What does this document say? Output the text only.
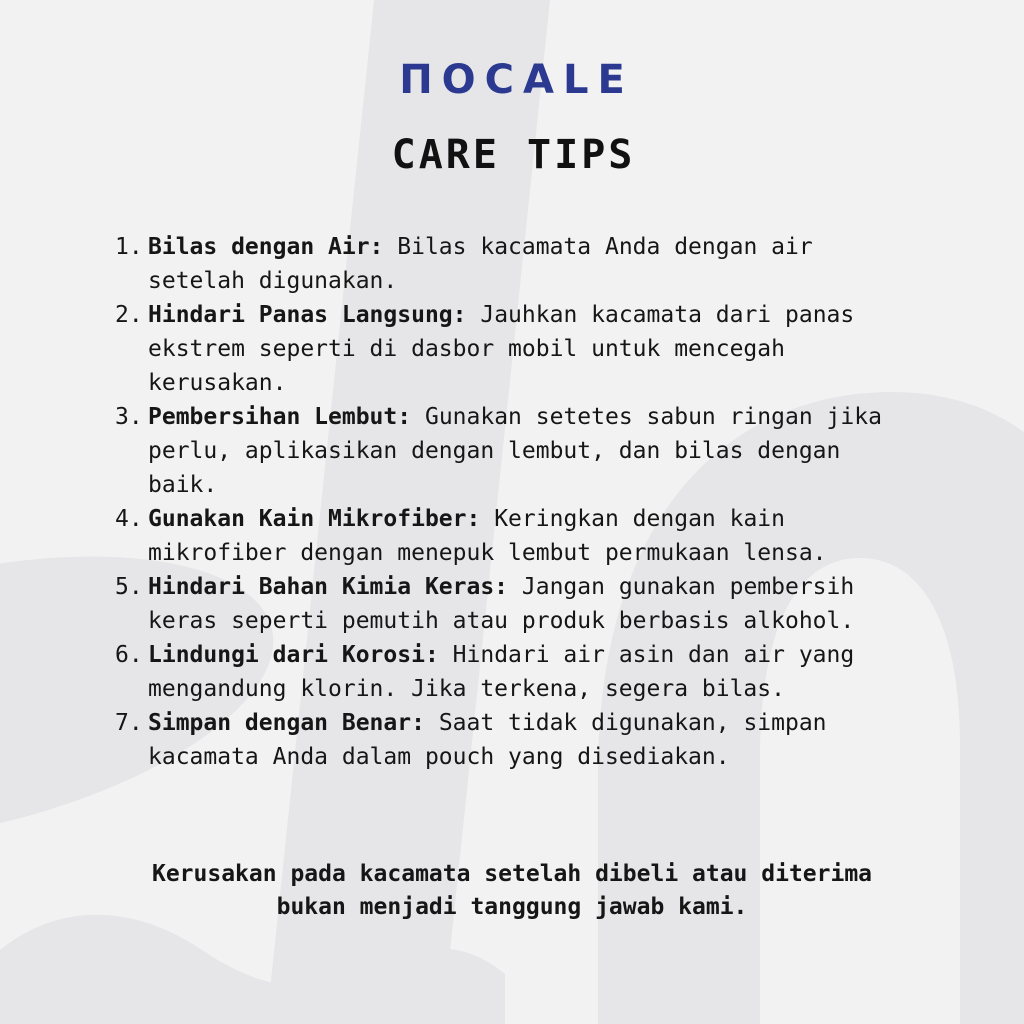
ΠOCALE
CARE TIPS
1. Bilas dengan Air: Bilas kacamata Anda dengan air setelah digunakan.

2. Hindari Panas Langsung: Jauhkan kacamata dari panas ekstrem seperti di dasbor mobil untuk mencegah kerusakan.

3. Pembersihan Lembut: Gunakan setetes sabun ringan jika perlu, aplikasikan dengan lembut, dan bilas dengan baik.

4. Gunakan Kain Mikrofiber: Keringkan dengan kain mikrofiber dengan menepuk lembut permukaan lensa.

5. Hindari Bahan Kimia Keras: Jangan gunakan pembersih keras seperti pemutih atau produk berbasis alkohol.

6. Lindungi dari Korosi: Hindari air asin dan air yang mengandung klorin. Jika terkena, segera bilas.

7. Simpan dengan Benar: Saat tidak digunakan, simpan kacamata Anda dalam pouch yang disediakan.

Kerusakan pada kacamata setelah dibeli atau diterima
bukan menjadi tanggung jawab kami.
